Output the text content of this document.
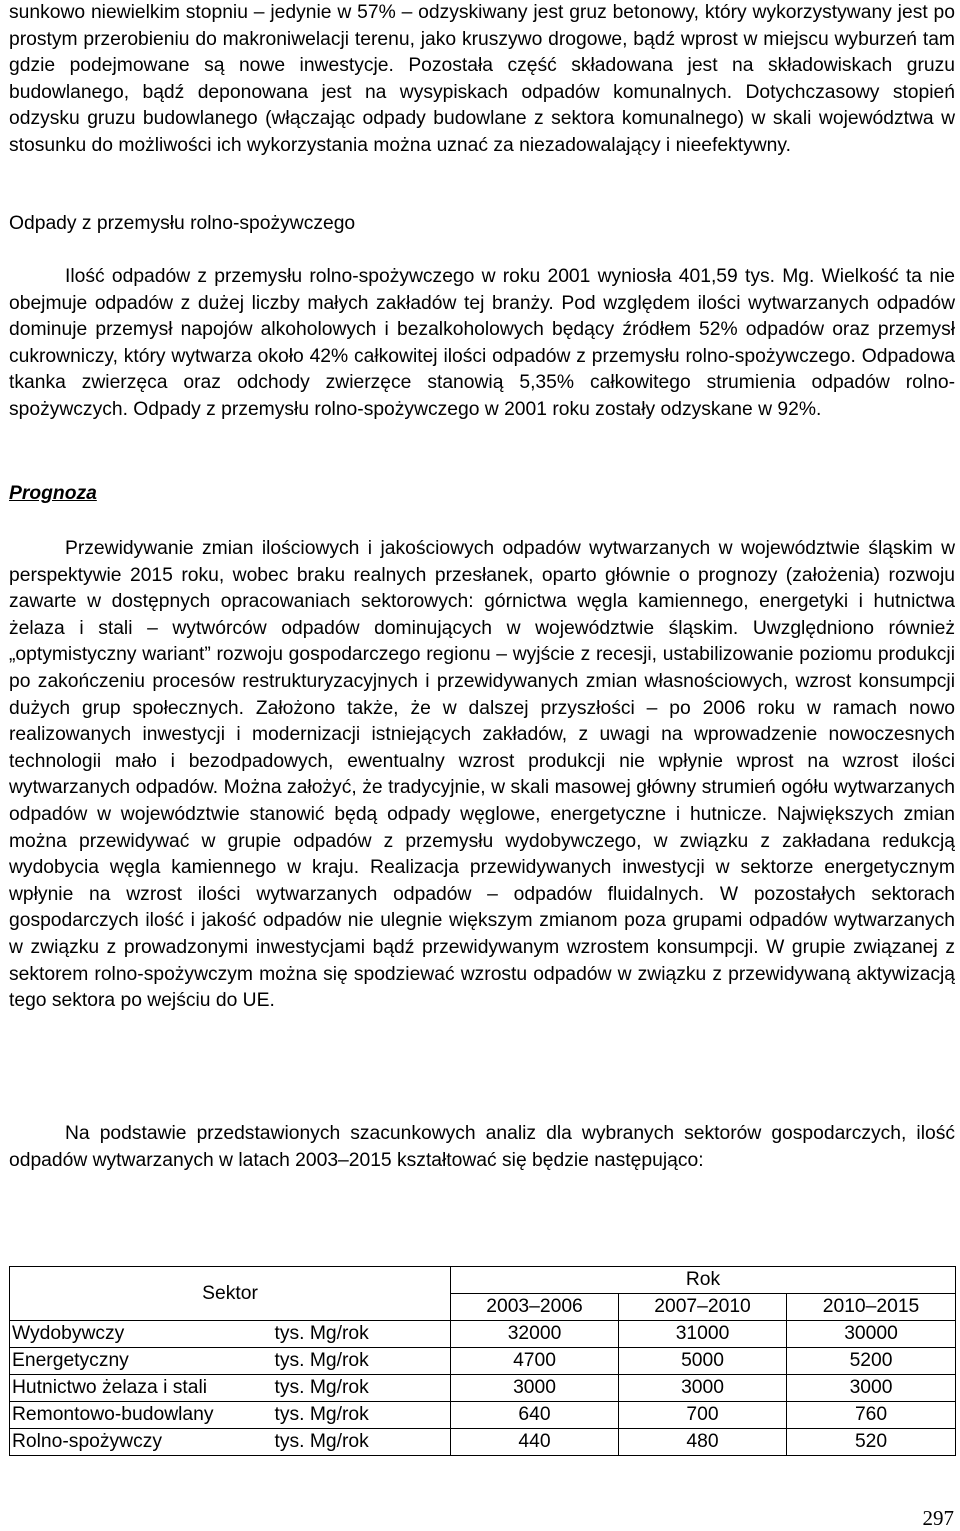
sunkowo niewielkim stopniu – jedynie w 57% – odzyskiwany jest gruz betonowy, który wykorzystywany jest po prostym przerobieniu do makroniwelacji terenu, jako kruszywo drogowe, bądź wprost w miejscu wyburzeń tam gdzie podejmowane są nowe inwestycje. Pozostała część składowana jest na składowiskach gruzu budowlanego, bądź deponowana jest na wysypiskach odpadów komunalnych. Dotychczasowy stopień odzysku gruzu budowlanego (włączając odpady budowlane z sektora komunalnego) w skali województwa w stosunku do możliwości ich wykorzystania można uznać za niezadowalający i nieefektywny.

Odpady z przemysłu rolno-spożywczego

Ilość odpadów z przemysłu rolno-spożywczego w roku 2001 wyniosła 401,59 tys. Mg. Wielkość ta nie obejmuje odpadów z dużej liczby małych zakładów tej branży. Pod względem ilości wytwarzanych odpadów dominuje przemysł napojów alkoholowych i bezalkoholowych będący źródłem 52% odpadów oraz przemysł cukrowniczy, który wytwarza około 42% całkowitej ilości odpadów z przemysłu rolno-spożywczego. Odpadowa tkanka zwierzęca oraz odchody zwierzęce stanowią 5,35% całkowitego strumienia odpadów rolno-spożywczych. Odpady z przemysłu rolno-spożywczego w 2001 roku zostały odzyskane w 92%.

Prognoza

Przewidywanie zmian ilościowych i jakościowych odpadów wytwarzanych w województwie śląskim w perspektywie 2015 roku, wobec braku realnych przesłanek, oparto głównie o prognozy (założenia) rozwoju zawarte w dostępnych opracowaniach sektorowych: górnictwa węgla kamiennego, energetyki i hutnictwa żelaza i stali – wytwórców odpadów dominujących w województwie śląskim. Uwzględniono również „optymistyczny wariant” rozwoju gospodarczego regionu – wyjście z recesji, ustabilizowanie poziomu produkcji po zakończeniu procesów restrukturyzacyjnych i przewidywanych zmian własnościowych, wzrost konsumpcji dużych grup społecznych. Założono także, że w dalszej przyszłości – po 2006 roku w ramach nowo realizowanych inwestycji i modernizacji istniejących zakładów, z uwagi na wprowadzenie nowoczesnych technologii mało i bezodpadowych, ewentualny wzrost produkcji nie wpłynie wprost na wzrost ilości wytwarzanych odpadów. Można założyć, że tradycyjnie, w skali masowej główny strumień ogółu wytwarzanych odpadów w województwie stanowić będą odpady węglowe, energetyczne i hutnicze. Największych zmian można przewidywać w grupie odpadów z przemysłu wydobywczego, w związku z zakładana redukcją wydobycia węgla kamiennego w kraju. Realizacja przewidywanych inwestycji w sektorze energetycznym wpłynie na wzrost ilości wytwarzanych odpadów – odpadów fluidalnych. W pozostałych sektorach gospodarczych ilość i jakość odpadów nie ulegnie większym zmianom poza grupami odpadów wytwarzanych w związku z prowadzonymi inwestycjami bądź przewidywanym wzrostem konsumpcji. W grupie związanej z sektorem rolno-spożywczym można się spodziewać wzrostu odpadów w związku z przewidywaną aktywizacją tego sektora po wejściu do UE.

Na podstawie przedstawionych szacunkowych analiz dla wybranych sektorów gospodarczych, ilość odpadów wytwarzanych w latach 2003–2015 kształtować się będzie następująco:

Sektor		Rok		
		2003–2006	2007–2010	2010–2015
Wydobywczy	tys. Mg/rok	32000	31000	30000
Energetyczny	tys. Mg/rok	4700	5000	5200
Hutnictwo żelaza i stali	tys. Mg/rok	3000	3000	3000
Remontowo-budowlany	tys. Mg/rok	640	700	760
Rolno-spożywczy	tys. Mg/rok	440	480	520
297
